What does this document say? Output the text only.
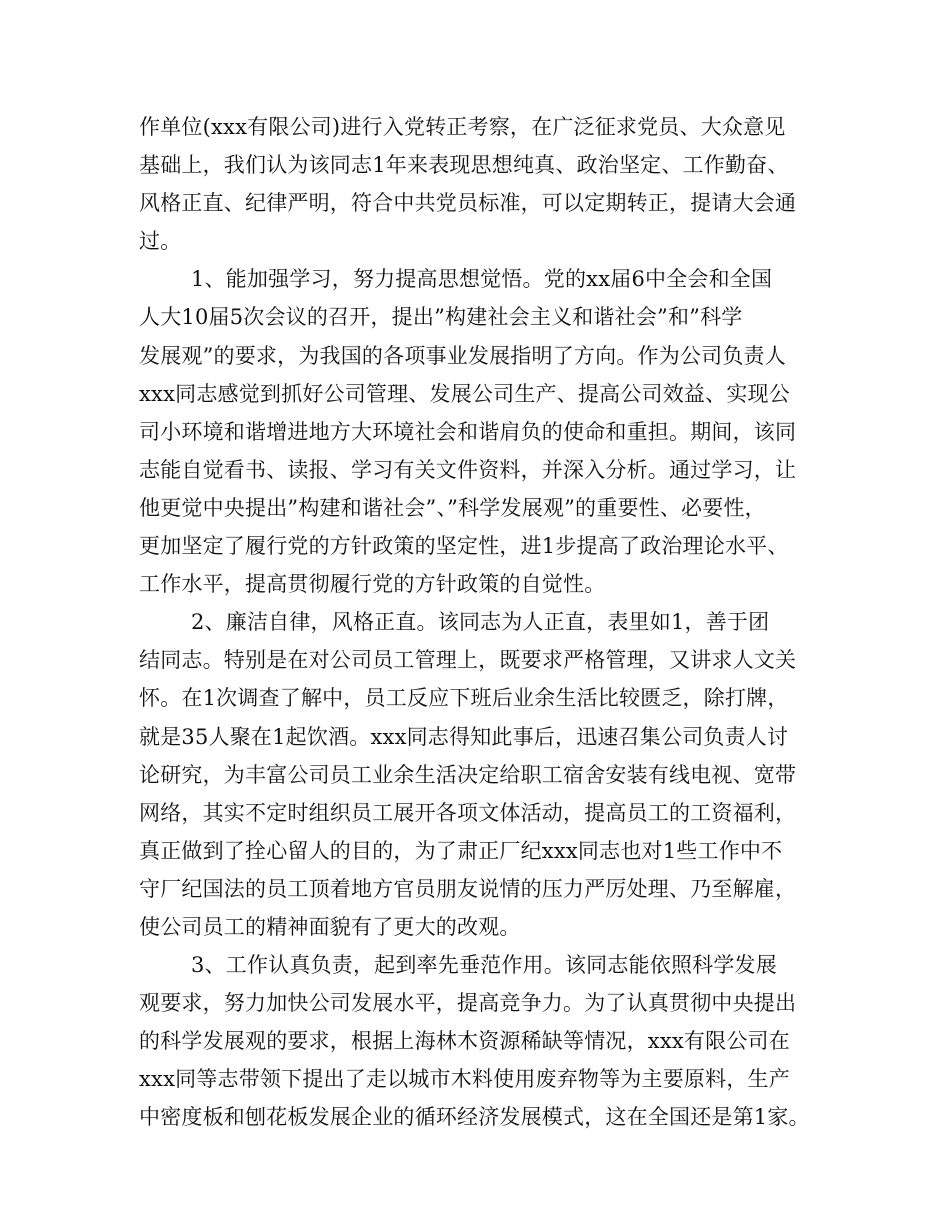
作单位(xxx有限公司)进行入党转正考察，在广泛征求党员、大众意见
基础上，我们认为该同志1年来表现思想纯真、政治坚定、工作勤奋、
风格正直、纪律严明，符合中共党员标准，可以定期转正，提请大会通
过。
1、能加强学习，努力提高思想觉悟。党的xx届6中全会和全国
人大10届5次会议的召开，提出”构建社会主义和谐社会”和”科学
发展观”的要求，为我国的各项事业发展指明了方向。作为公司负责人
xxx同志感觉到抓好公司管理、发展公司生产、提高公司效益、实现公
司小环境和谐增进地方大环境社会和谐肩负的使命和重担。期间，该同
志能自觉看书、读报、学习有关文件资料，并深入分析。通过学习，让
他更觉中央提出”构建和谐社会”、”科学发展观”的重要性、必要性，
更加坚定了履行党的方针政策的坚定性，进1步提高了政治理论水平、
工作水平，提高贯彻履行党的方针政策的自觉性。
2、廉洁自律，风格正直。该同志为人正直，表里如1，善于团
结同志。特别是在对公司员工管理上，既要求严格管理，又讲求人文关
怀。在1次调查了解中，员工反应下班后业余生活比较匮乏，除打牌，
就是35人聚在1起饮酒。xxx同志得知此事后，迅速召集公司负责人讨
论研究，为丰富公司员工业余生活决定给职工宿舍安装有线电视、宽带
网络，其实不定时组织员工展开各项文体活动，提高员工的工资福利，
真正做到了拴心留人的目的，为了肃正厂纪xxx同志也对1些工作中不
守厂纪国法的员工顶着地方官员朋友说情的压力严厉处理、乃至解雇，
使公司员工的精神面貌有了更大的改观。
3、工作认真负责，起到率先垂范作用。该同志能依照科学发展
观要求，努力加快公司发展水平，提高竞争力。为了认真贯彻中央提出
的科学发展观的要求，根据上海林木资源稀缺等情况，xxx有限公司在
xxx同等志带领下提出了走以城市木料使用废弃物等为主要原料，生产
中密度板和刨花板发展企业的循环经济发展模式，这在全国还是第1家。
